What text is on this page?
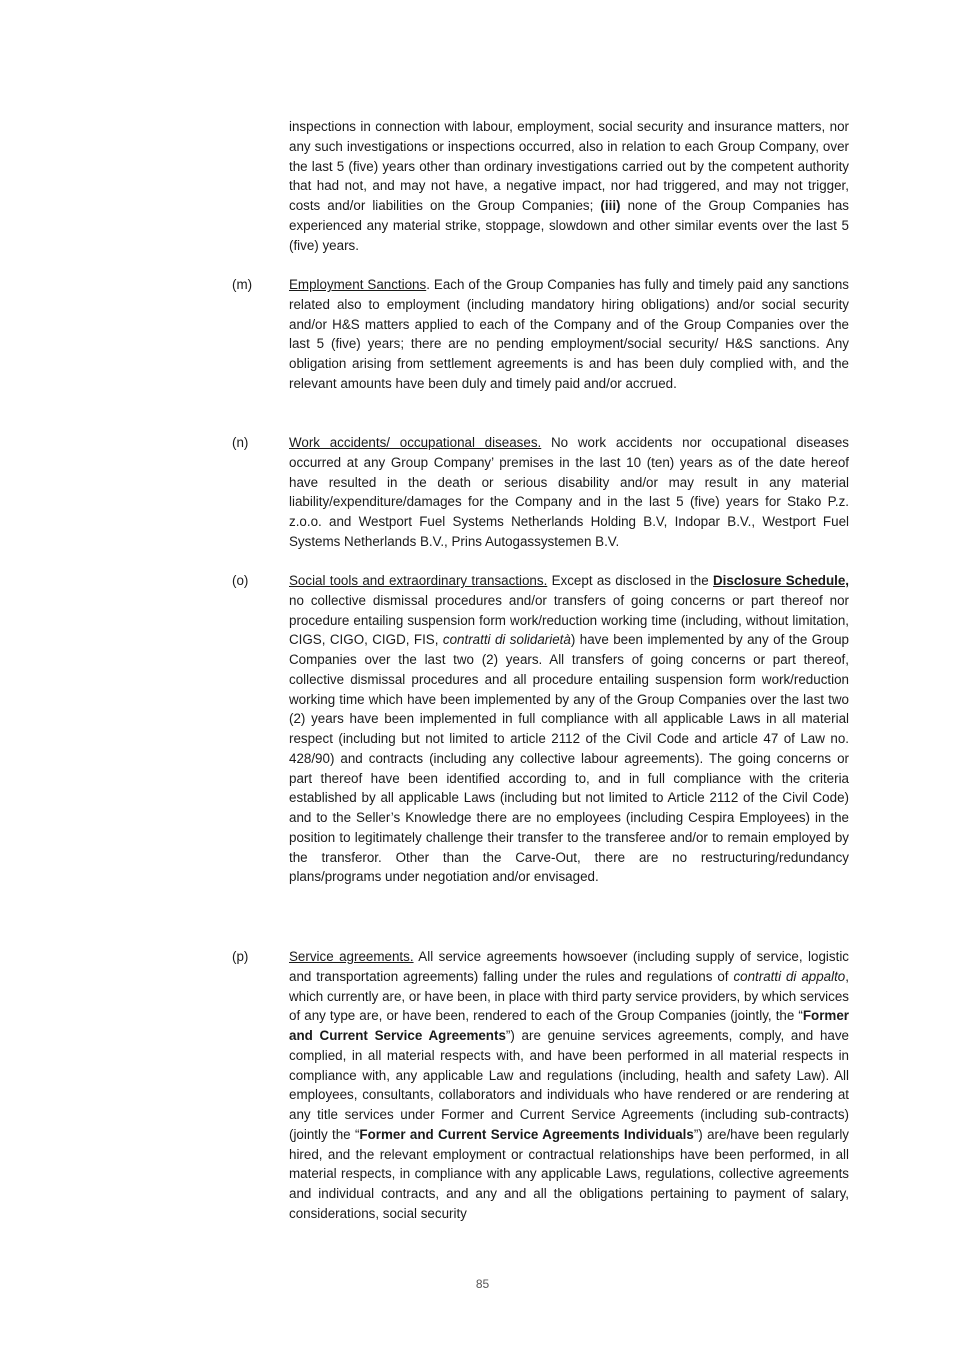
inspections in connection with labour, employment, social security and insurance matters, nor any such investigations or inspections occurred, also in relation to each Group Company, over the last 5 (five) years other than ordinary investigations carried out by the competent authority that had not, and may not have, a negative impact, nor had triggered, and may not trigger, costs and/or liabilities on the Group Companies; (iii) none of the Group Companies has experienced any material strike, stoppage, slowdown and other similar events over the last 5 (five) years.
(m)	Employment Sanctions. Each of the Group Companies has fully and timely paid any sanctions related also to employment (including mandatory hiring obligations) and/or social security and/or H&S matters applied to each of the Company and of the Group Companies over the last 5 (five) years; there are no pending employment/social security/ H&S sanctions. Any obligation arising from settlement agreements is and has been duly complied with, and the relevant amounts have been duly and timely paid and/or accrued.
(n)	Work accidents/ occupational diseases. No work accidents nor occupational diseases occurred at any Group Company’ premises in the last 10 (ten) years as of the date hereof have resulted in the death or serious disability and/or may result in any material liability/expenditure/damages for the Company and in the last 5 (five) years for Stako P.z. z.o.o. and Westport Fuel Systems Netherlands Holding B.V, Indopar B.V., Westport Fuel Systems Netherlands B.V., Prins Autogassystemen B.V.
(o)	Social tools and extraordinary transactions. Except as disclosed in the Disclosure Schedule, no collective dismissal procedures and/or transfers of going concerns or part thereof nor procedure entailing suspension form work/reduction working time (including, without limitation, CIGS, CIGO, CIGD, FIS, contratti di solidarietà) have been implemented by any of the Group Companies over the last two (2) years. All transfers of going concerns or part thereof, collective dismissal procedures and all procedure entailing suspension form work/reduction working time which have been implemented by any of the Group Companies over the last two (2) years have been implemented in full compliance with all applicable Laws in all material respect (including but not limited to article 2112 of the Civil Code and article 47 of Law no. 428/90) and contracts (including any collective labour agreements). The going concerns or part thereof have been identified according to, and in full compliance with the criteria established by all applicable Laws (including but not limited to Article 2112 of the Civil Code) and to the Seller’s Knowledge there are no employees (including Cespira Employees) in the position to legitimately challenge their transfer to the transferee and/or to remain employed by the transferor. Other than the Carve-Out, there are no restructuring/redundancy plans/programs under negotiation and/or envisaged.
(p)	Service agreements. All service agreements howsoever (including supply of service, logistic and transportation agreements) falling under the rules and regulations of contratti di appalto, which currently are, or have been, in place with third party service providers, by which services of any type are, or have been, rendered to each of the Group Companies (jointly, the “Former and Current Service Agreements”) are genuine services agreements, comply, and have complied, in all material respects with, and have been performed in all material respects in compliance with, any applicable Law and regulations (including, health and safety Law). All employees, consultants, collaborators and individuals who have rendered or are rendering at any title services under Former and Current Service Agreements (including sub-contracts) (jointly the “Former and Current Service Agreements Individuals”) are/have been regularly hired, and the relevant employment or contractual relationships have been performed, in all material respects, in compliance with any applicable Laws, regulations, collective agreements and individual contracts, and any and all the obligations pertaining to payment of salary, considerations, social security
85
